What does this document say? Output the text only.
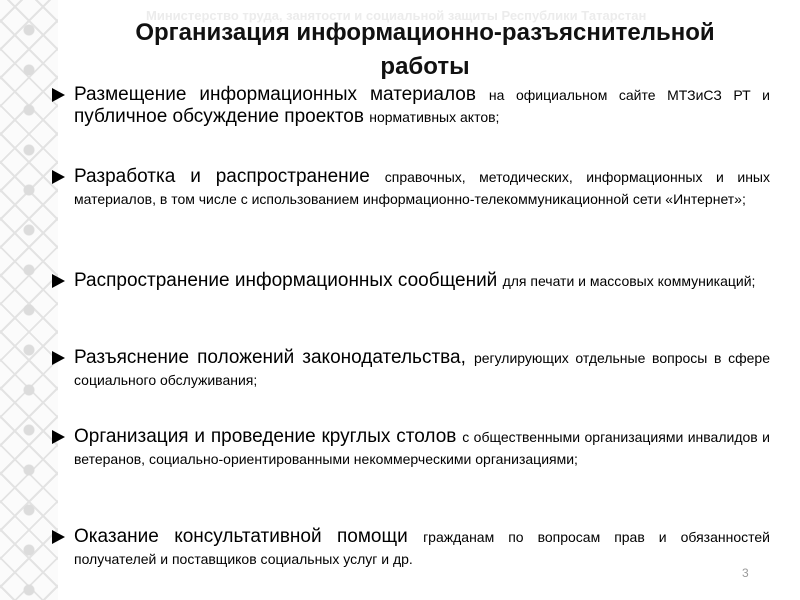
Министерство труда, занятости и социальной защиты Республики Татарстан
Организация информационно-разъяснительной
работы
Размещение информационных материалов на официальном сайте МТЗиСЗ РТ и публичное обсуждение проектов нормативных актов;
Разработка и распространение справочных, методических, информационных и иных материалов, в том числе с использованием информационно-телекоммуникационной сети «Интернет»;
Распространение информационных сообщений для печати и массовых коммуникаций;
Разъяснение положений законодательства, регулирующих отдельные вопросы в сфере социального обслуживания;
Организация и проведение круглых столов с общественными организациями инвалидов и ветеранов, социально-ориентированными некоммерческими организациями;
Оказание консультативной помощи гражданам по вопросам прав и обязанностей получателей и поставщиков социальных услуг и др.
3
